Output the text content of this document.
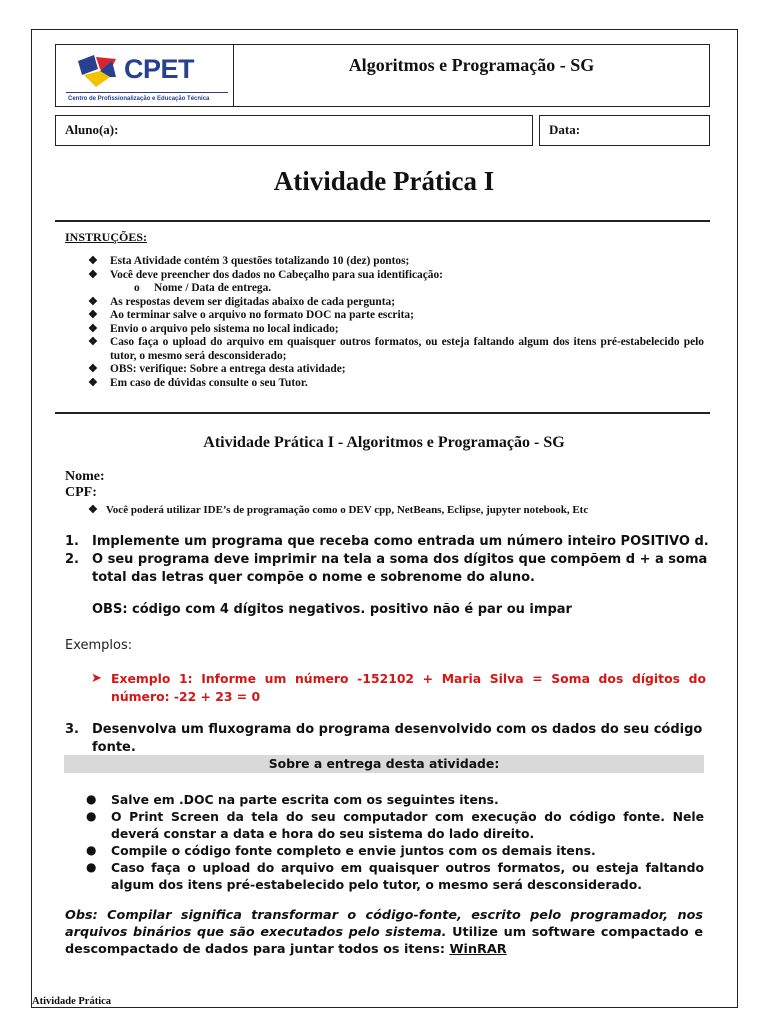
CPET
Centro de Profissionalização e Educação Técnica
Algoritmos e Programação - SG
Aluno(a):	Data:
Atividade Prática I
INSTRUÇÕES:
❖ Esta Atividade contém 3 questões totalizando 10 (dez) pontos;
❖ Você deve preencher dos dados no Cabeçalho para sua identificação:
o Nome / Data de entrega.
❖ As respostas devem ser digitadas abaixo de cada pergunta;
❖ Ao terminar salve o arquivo no formato DOC na parte escrita;
❖ Envio o arquivo pelo sistema no local indicado;
❖ Caso faça o upload do arquivo em quaisquer outros formatos, ou esteja faltando algum dos itens pré-estabelecido pelo tutor, o mesmo será desconsiderado;
❖ OBS: verifique: Sobre a entrega desta atividade;
❖ Em caso de dúvidas consulte o seu Tutor.
Atividade Prática I - Algoritmos e Programação - SG
Nome:
CPF:
❖ Você poderá utilizar IDE’s de programação como o DEV cpp, NetBeans, Eclipse, jupyter notebook, Etc
1.	Implemente um programa que receba como entrada um número inteiro POSITIVO d.
2.	O seu programa deve imprimir na tela a soma dos dígitos que compõem d + a soma total das letras quer compõe o nome e sobrenome do aluno.
OBS: código com 4 dígitos negativos. positivo não é par ou impar
Exemplos:
➤ Exemplo 1: Informe um número -152102 + Maria Silva = Soma dos dígitos do número: -22 + 23 = 0
3.	Desenvolva um fluxograma do programa desenvolvido com os dados do seu código fonte.
Sobre a entrega desta atividade:
● Salve em .DOC na parte escrita com os seguintes itens.
● O Print Screen da tela do seu computador com execução do código fonte. Nele deverá constar a data e hora do seu sistema do lado direito.
● Compile o código fonte completo e envie juntos com os demais itens.
● Caso faça o upload do arquivo em quaisquer outros formatos, ou esteja faltando algum dos itens pré-estabelecido pelo tutor, o mesmo será desconsiderado.
Obs: Compilar significa transformar o código-fonte, escrito pelo programador, nos arquivos binários que são executados pelo sistema. Utilize um software compactado e descompactado de dados para juntar todos os itens: WinRAR
Atividade Prática
